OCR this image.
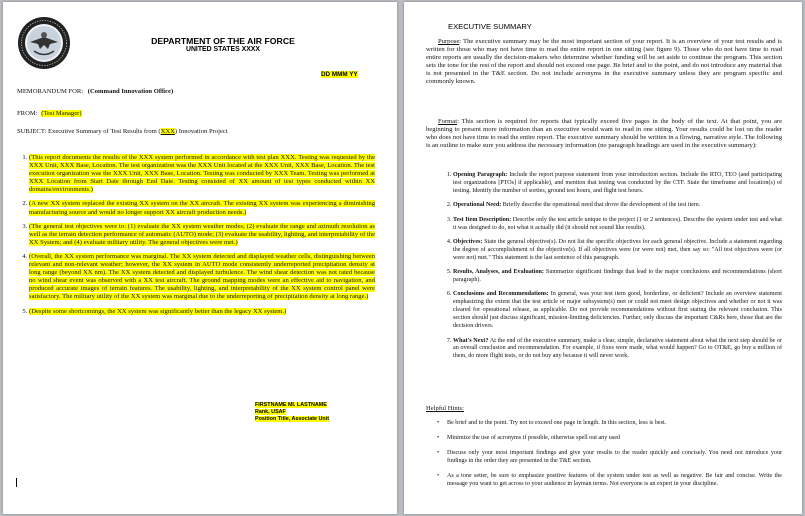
DEPARTMENT OF THE AIR FORCE
UNITED STATES XXXX
DD MMM YY
MEMORANDUM FOR: (Command Innovation Office)
FROM: (Test Manager)
SUBJECT: Executive Summary of Test Results from (XXX) Innovation Project
1. (This report documents the results of the XXX system performed in accordance with test plan XXX. Testing was requested by the XXX Unit, XXX Base, Location. The test organization was the XXX Unit located at the XXX Unit, XXX Base, Location. The test execution organization was the XXX Unit, XXX Base, Location. Testing was conducted by XXX Team. Testing was performed at XXX Location from Start Date through End Date. Testing consisted of XX amount of test types conducted within XX domains/environments.)
2. (A new XX system replaced the existing XX system on the XX aircraft. The existing XX system was experiencing a diminishing manufacturing source and would no longer support XX aircraft production needs.)
3. (The general test objectives were to: (1) evaluate the XX system weather modes; (2) evaluate the range and azimuth resolution as well as the terrain detection performance of automatic (AUTO) mode; (3) evaluate the usability, lighting, and interpretability of the XX System; and (4) evaluate military utility. The general objectives were met.)
4. (Overall, the XX system performance was marginal. The XX system detected and displayed weather cells, distinguishing between relevant and non-relevant weather; however, the XX system in AUTO mode consistently underreported precipitation density at long range (beyond XX nm). The XX system detected and displayed turbulence. The wind shear detection was not rated because no wind shear event was observed with a XX test aircraft. The ground mapping modes were an effective aid to navigation, and produced accurate images of terrain features. The usability, lighting, and interpretability of the XX system control panel were satisfactory. The military utility of the XX system was marginal due to the underreporting of precipitation density at long range.)
5. (Despite some shortcomings, the XX system was significantly better than the legacy XX system.)
FIRSTNAME MI. LASTNAME
Rank, USAF
Position Title, Associate Unit
EXECUTIVE SUMMARY
Purpose: The executive summary may be the most important section of your report. It is an overview of your test results and is written for those who may not have time to read the entire report in one sitting (see figure 9). Those who do not have time to read entire reports are usually the decision-makers who determine whether funding will be set aside to continue the program. This section sets the tone for the rest of the report and should not exceed one page. Be brief and to the point, and do not introduce any material that is not presented in the T&E section. Do not include acronyms in the executive summary unless they are program specific and commonly known.
Format: This section is required for reports that typically exceed five pages in the body of the text. At that point, you are beginning to present more information than an executive would want to read in one sitting. Your results could be lost on the reader who does not have time to read the entire report. The executive summary should be written in a flowing, narrative style. The following is an outline to make sure you address the necessary information (no paragraph headings are used in the executive summary):
1. Opening Paragraph: Include the report purpose statement from your introduction section. Include the RTO, TEO (and participating test organizations [PTOs] if applicable), and mention that testing was conducted by the CTF. State the timeframe and location(s) of testing. Identify the number of sorties, ground test hours, and flight test hours.
2. Operational Need: Briefly describe the operational need that drove the development of the test item.
3. Test Item Description: Describe only the test article unique to the project (1 or 2 sentences). Describe the system under test and what it was designed to do, not what it actually did (it should not sound like results).
4. Objectives: State the general objective(s). Do not list the specific objectives for each general objective. Include a statement regarding the degree of accomplishment of the objective(s). If all objectives were (or were not) met, then say so: "All test objectives were (or were not) met." This statement is the last sentence of this paragraph.
5. Results, Analyses, and Evaluation: Summarize significant findings that lead to the major conclusions and recommendations (short paragraph).
6. Conclusions and Recommendations: In general, was your test item good, borderline, or deficient? Include an overview statement emphasizing the extent that the test article or major subsystem(s) met or could not meet design objectives and whether or not it was cleared for operational release, as applicable. Do not provide recommendations without first stating the relevant conclusion. This section should just discuss significant, mission-limiting deficiencies. Further, only discuss the important C&Rs here, those that are the decision drivers.
7. What's Next? At the end of the executive summary, make a clear, simple, declarative statement about what the next step should be or an overall conclusion and recommendation. For example, if fixes were made, what would happen? Go to OT&E, go buy a million of them, do more flight tests, or do not buy any because it will never work.
Helpful Hints:
• Be brief and to the point. Try not to exceed one page in length. In this section, less is best.
• Minimize the use of acronyms if possible, otherwise spell out any used
• Discuss only your most important findings and give your results to the reader quickly and concisely. You need not introduce your findings in the order they are presented in the T&E section.
• As a tone setter, be sure to emphasize positive features of the system under test as well as negative. Be fair and concise. Write the message you want to get across to your audience in layman terms. Not everyone is an expert in your discipline.
